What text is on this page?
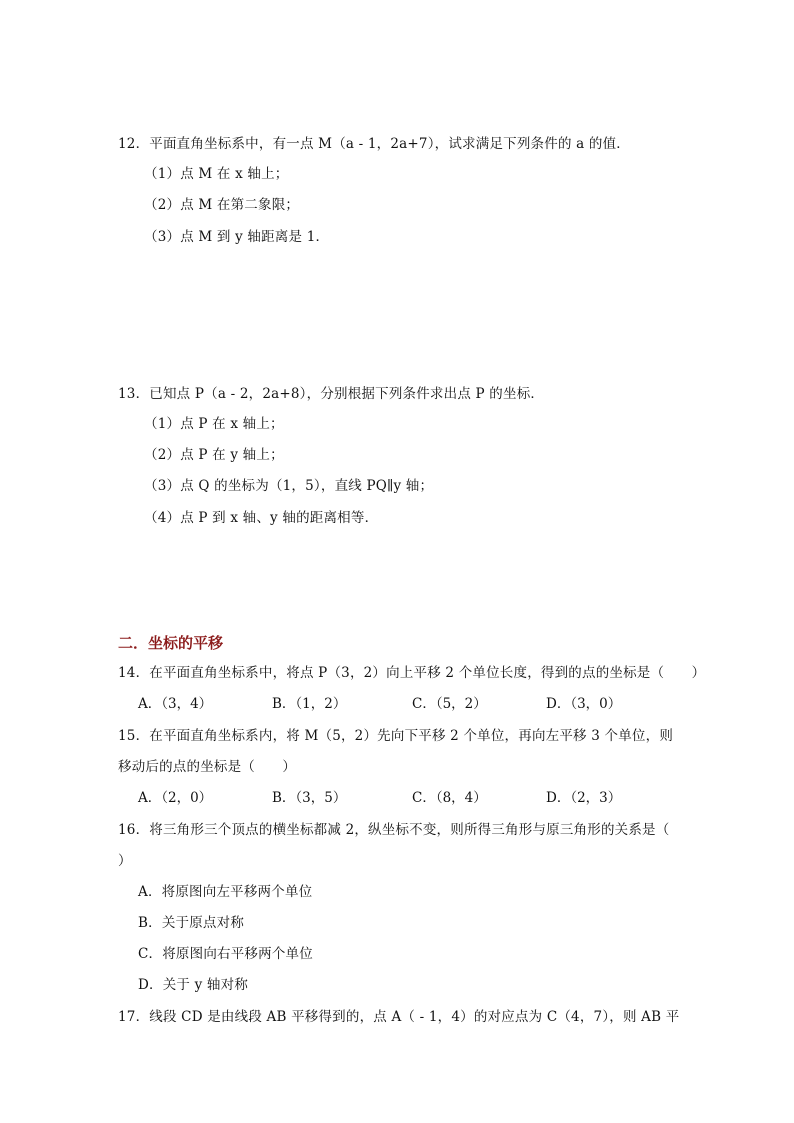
12．平面直角坐标系中，有一点 M（a - 1，2a+7），试求满足下列条件的 a 的值．
（1）点 M 在 x 轴上；
（2）点 M 在第二象限；
（3）点 M 到 y 轴距离是 1．
13．已知点 P（a - 2，2a+8），分别根据下列条件求出点 P 的坐标．
（1）点 P 在 x 轴上；
（2）点 P 在 y 轴上；
（3）点 Q 的坐标为（1，5），直线 PQ∥y 轴；
（4）点 P 到 x 轴、y 轴的距离相等．
二．坐标的平移
14．在平面直角坐标系中，将点 P（3，2）向上平移 2 个单位长度，得到的点的坐标是（　　）
A．（3，4）	B．（1，2）	C．（5，2）	D．（3，0）
15．在平面直角坐标系内，将 M（5，2）先向下平移 2 个单位，再向左平移 3 个单位，则
移动后的点的坐标是（　　）
A．（2，0）	B．（3，5）	C．（8，4）	D．（2，3）
16．将三角形三个顶点的横坐标都减 2，纵坐标不变，则所得三角形与原三角形的关系是（
）
A．将原图向左平移两个单位
B．关于原点对称
C．将原图向右平移两个单位
D．关于 y 轴对称
17．线段 CD 是由线段 AB 平移得到的，点 A（ - 1，4）的对应点为 C（4，7），则 AB 平
